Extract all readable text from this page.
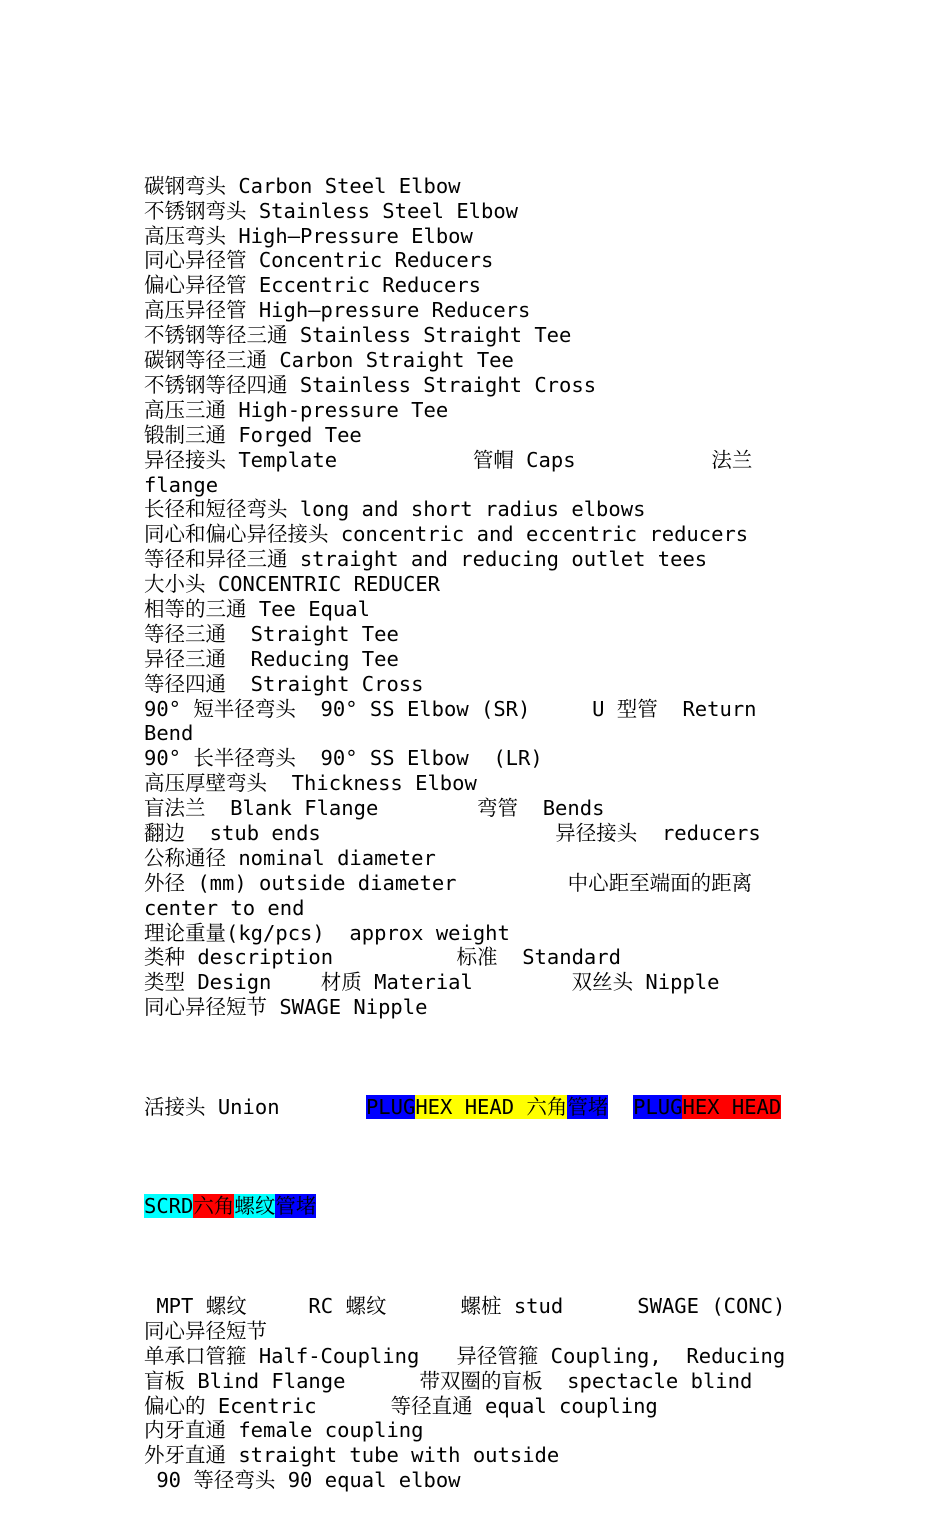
碳钢弯头 Carbon Steel Elbow
不锈钢弯头 Stainless Steel Elbow
高压弯头 High—Pressure Elbow
同心异径管 Concentric Reducers
偏心异径管 Eccentric Reducers
高压异径管 High—pressure Reducers
不锈钢等径三通 Stainless Straight Tee
碳钢等径三通 Carbon Straight Tee
不锈钢等径四通 Stainless Straight Cross
高压三通 High-pressure Tee
锻制三通 Forged Tee
异径接头 Template           管帽 Caps           法兰
flange
长径和短径弯头 long and short radius elbows
同心和偏心异径接头 concentric and eccentric reducers
等径和异径三通 straight and reducing outlet tees
大小头 CONCENTRIC REDUCER
相等的三通 Tee Equal
等径三通  Straight Tee
异径三通  Reducing Tee
等径四通  Straight Cross
90° 短半径弯头  90° SS Elbow (SR)     U 型管  Return
Bend
90° 长半径弯头  90° SS Elbow  (LR)
高压厚壁弯头  Thickness Elbow
盲法兰  Blank Flange        弯管  Bends
翻边  stub ends                   异径接头  reducers
公称通径 nominal diameter
外径 (mm) outside diameter         中心距至端面的距离
center to end
理论重量(kg/pcs)  approx weight
类种 description          标准  Standard
类型 Design    材质 Material        双丝头 Nipple
同心异径短节 SWAGE Nipple

活接头 Union       PLUGHEX HEAD 六角管堵 PLUGHEX HEAD

SCRD六角螺纹管堵

MPT 螺纹     RC 螺纹      螺桩 stud      SWAGE (CONC)
同心异径短节
单承口管箍 Half-Coupling   异径管箍 Coupling,  Reducing
盲板 Blind Flange      带双圈的盲板  spectacle blind
偏心的 Ecentric      等径直通 equal coupling
内牙直通 female coupling
外牙直通 straight tube with outside
90 等径弯头 90 equal elbow
